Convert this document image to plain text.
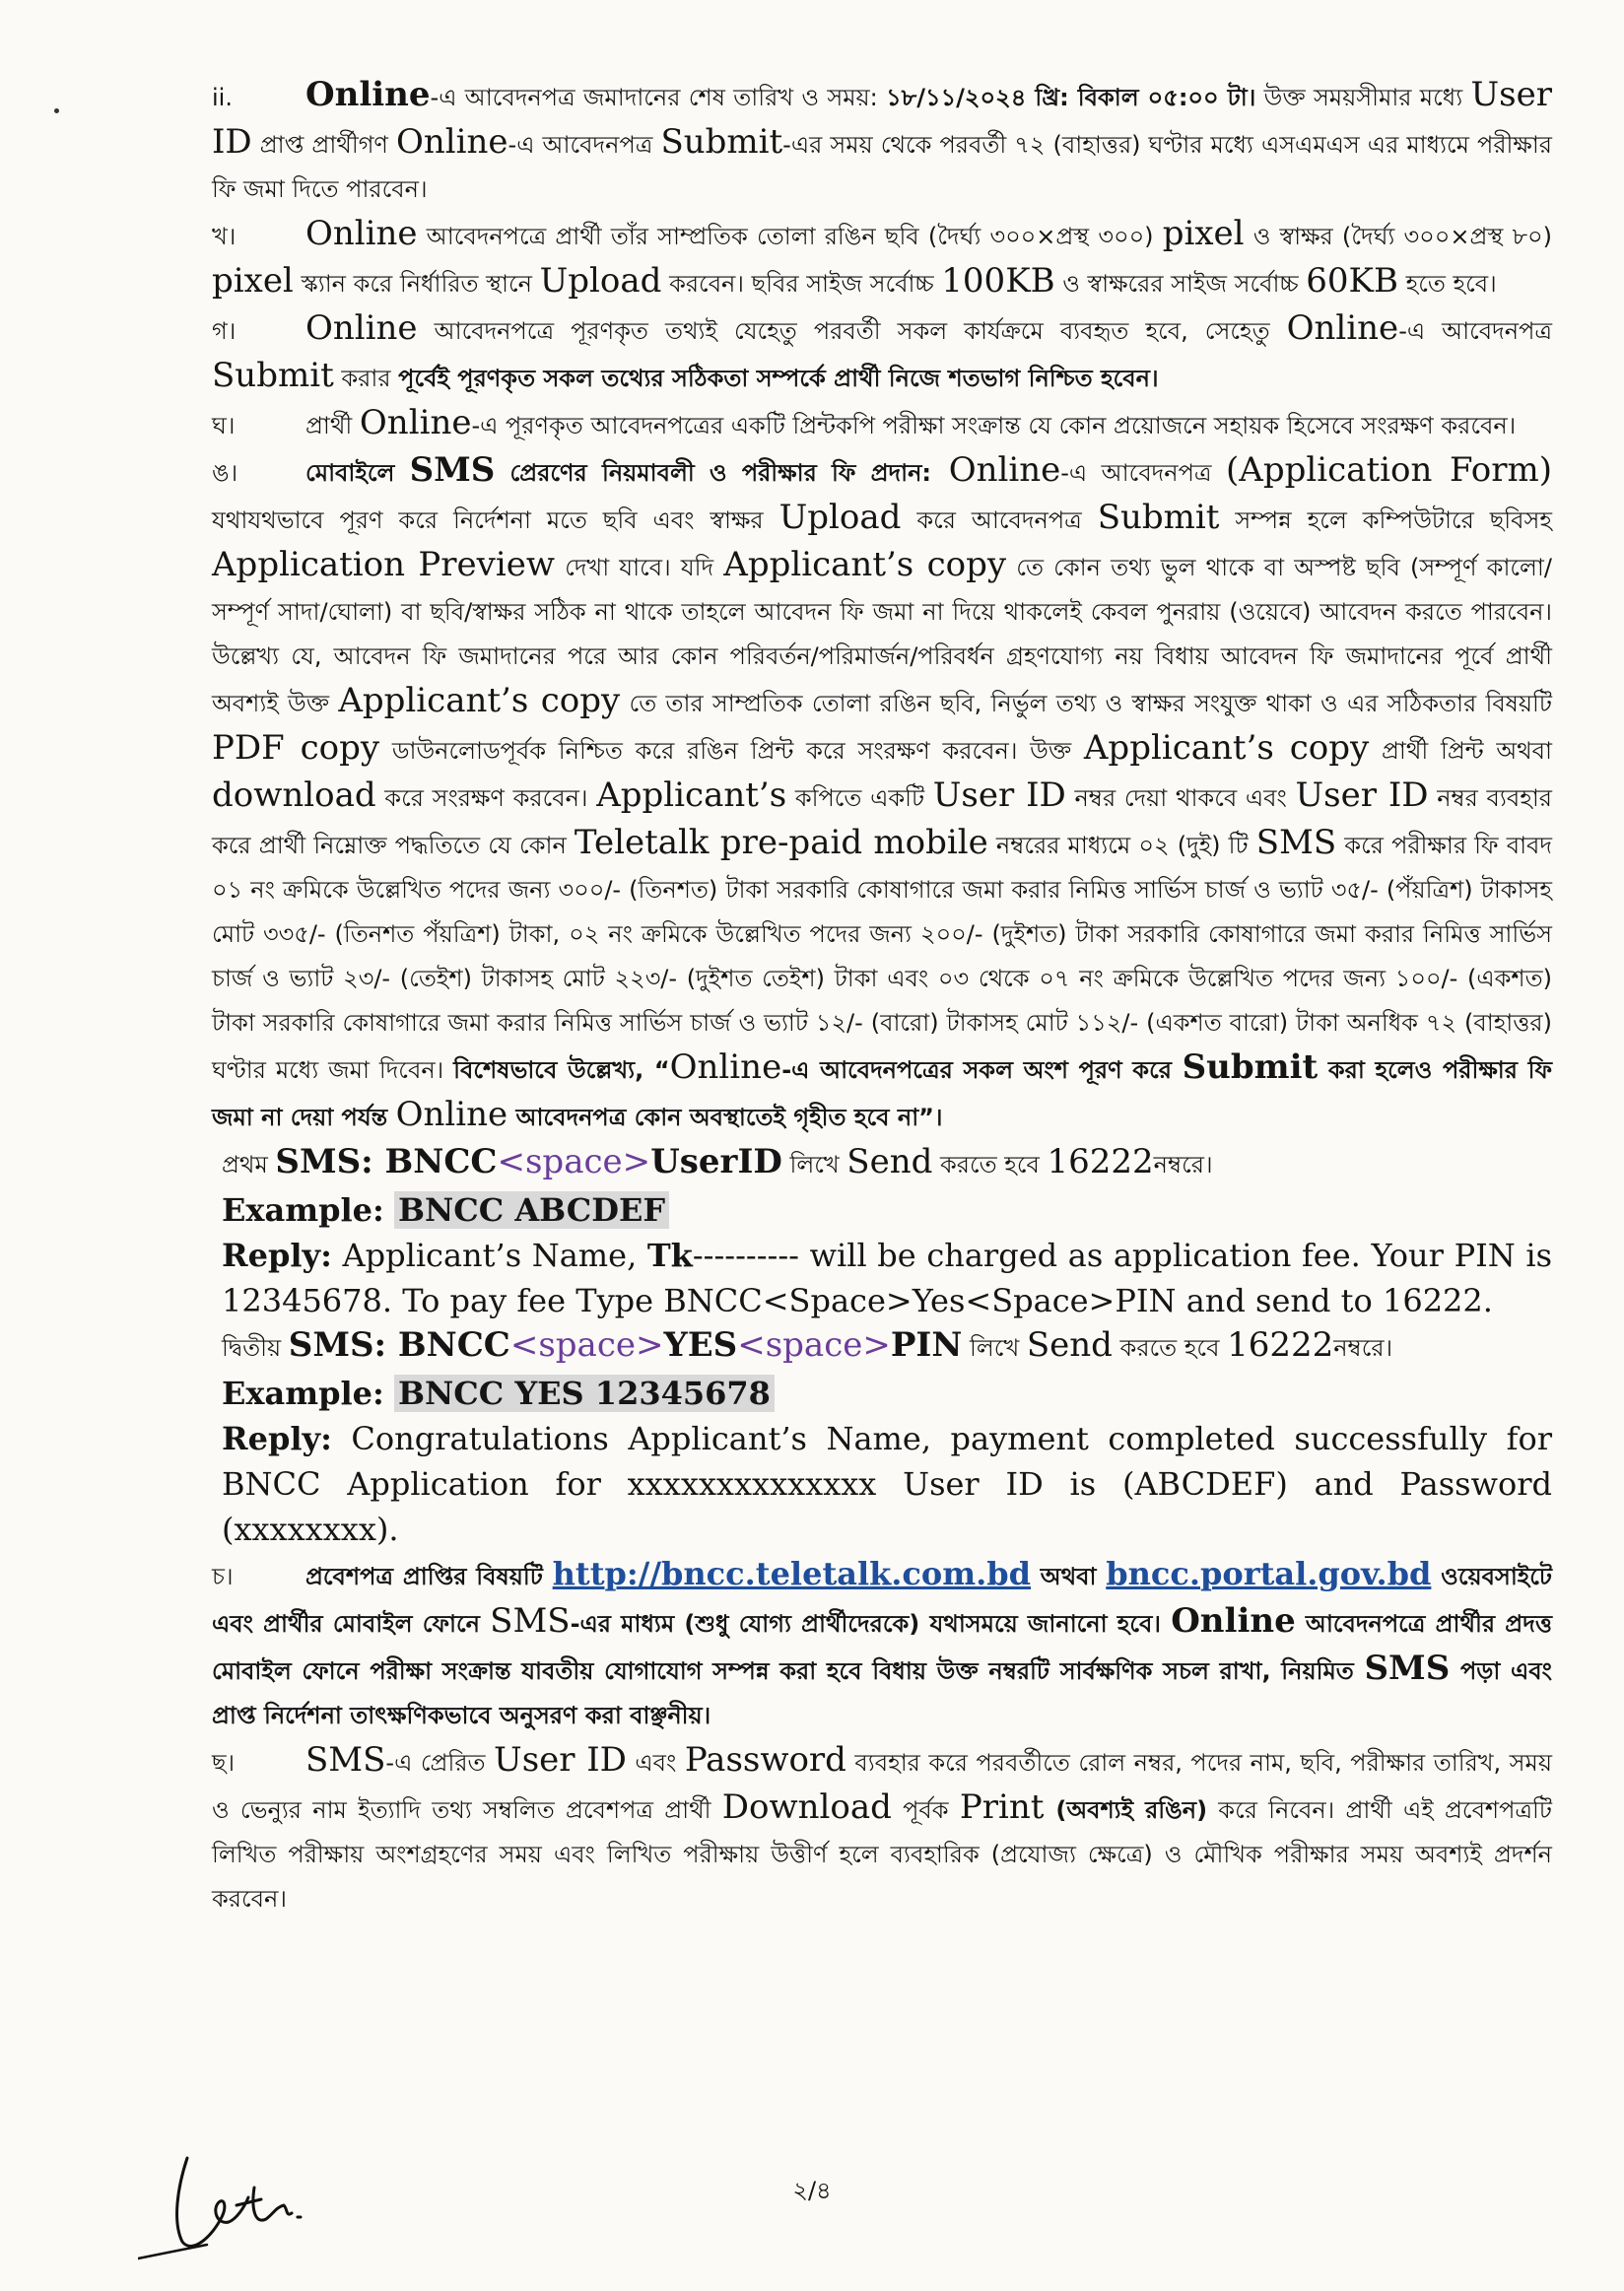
ii. Online-এ আবেদনপত্র জমাদানের শেষ তারিখ ও সময়: ১৮/১১/২০২৪ খ্রি: বিকাল ০৫:০০ টা। উক্ত সময়সীমার মধ্যে User ID প্রাপ্ত প্রার্থীগণ Online-এ আবেদনপত্র Submit-এর সময় থেকে পরবর্তী ৭২ (বাহাত্তর) ঘণ্টার মধ্যে এসএমএস এর মাধ্যমে পরীক্ষার ফি জমা দিতে পারবেন।

খ। Online আবেদনপত্রে প্রার্থী তাঁর সাম্প্রতিক তোলা রঙিন ছবি (দৈর্ঘ্য ৩০০×প্রস্থ ৩০০) pixel ও স্বাক্ষর (দৈর্ঘ্য ৩০০×প্রস্থ ৮০) pixel স্ক্যান করে নির্ধারিত স্থানে Upload করবেন। ছবির সাইজ সর্বোচ্চ 100KB ও স্বাক্ষরের সাইজ সর্বোচ্চ 60KB হতে হবে।

গ। Online আবেদনপত্রে পূরণকৃত তথ্যই যেহেতু পরবর্তী সকল কার্যক্রমে ব্যবহৃত হবে, সেহেতু Online-এ আবেদনপত্র Submit করার পূর্বেই পূরণকৃত সকল তথ্যের সঠিকতা সম্পর্কে প্রার্থী নিজে শতভাগ নিশ্চিত হবেন।

ঘ।	প্রার্থী Online-এ পূরণকৃত আবেদনপত্রের একটি প্রিন্টকপি পরীক্ষা সংক্রান্ত যে কোন প্রয়োজনে সহায়ক হিসেবে সংরক্ষণ করবেন।

ঙ।	মোবাইলে SMS প্রেরণের নিয়মাবলী ও পরীক্ষার ফি প্রদান: Online-এ আবেদনপত্র (Application Form) যথাযথভাবে পূরণ করে নির্দেশনা মতে ছবি এবং স্বাক্ষর Upload করে আবেদনপত্র Submit সম্পন্ন হলে কম্পিউটারে ছবিসহ Application Preview দেখা যাবে। যদি Applicant’s copy তে কোন তথ্য ভুল থাকে বা অস্পষ্ট ছবি (সম্পূর্ণ কালো/সম্পূর্ণ সাদা/ঘোলা) বা ছবি/স্বাক্ষর সঠিক না থাকে তাহলে আবেদন ফি জমা না দিয়ে থাকলেই কেবল পুনরায় (ওয়েবে) আবেদন করতে পারবেন। উল্লেখ্য যে, আবেদন ফি জমাদানের পরে আর কোন পরিবর্তন/পরিমার্জন/পরিবর্ধন গ্রহণযোগ্য নয় বিধায় আবেদন ফি জমাদানের পূর্বে প্রার্থী অবশ্যই উক্ত Applicant’s copy তে তার সাম্প্রতিক তোলা রঙিন ছবি, নির্ভুল তথ্য ও স্বাক্ষর সংযুক্ত থাকা ও এর সঠিকতার বিষয়টি PDF copy ডাউনলোডপূর্বক নিশ্চিত করে রঙিন প্রিন্ট করে সংরক্ষণ করবেন। উক্ত Applicant’s copy প্রার্থী প্রিন্ট অথবা download করে সংরক্ষণ করবেন। Applicant’s কপিতে একটি User ID নম্বর দেয়া থাকবে এবং User ID নম্বর ব্যবহার করে প্রার্থী নিম্নোক্ত পদ্ধতিতে যে কোন Teletalk pre-paid mobile নম্বরের মাধ্যমে ০২ (দুই) টি SMS করে পরীক্ষার ফি বাবদ ০১ নং ক্রমিকে উল্লেখিত পদের জন্য ৩০০/- (তিনশত) টাকা সরকারি কোষাগারে জমা করার নিমিত্ত সার্ভিস চার্জ ও ভ্যাট ৩৫/- (পঁয়ত্রিশ) টাকাসহ মোট ৩৩৫/- (তিনশত পঁয়ত্রিশ) টাকা, ০২ নং ক্রমিকে উল্লেখিত পদের জন্য ২০০/- (দুইশত) টাকা সরকারি কোষাগারে জমা করার নিমিত্ত সার্ভিস চার্জ ও ভ্যাট ২৩/- (তেইশ) টাকাসহ মোট ২২৩/- (দুইশত তেইশ) টাকা এবং ০৩ থেকে ০৭ নং ক্রমিকে উল্লেখিত পদের জন্য ১০০/- (একশত) টাকা সরকারি কোষাগারে জমা করার নিমিত্ত সার্ভিস চার্জ ও ভ্যাট ১২/- (বারো) টাকাসহ মোট ১১২/- (একশত বারো) টাকা অনধিক ৭২ (বাহাত্তর) ঘণ্টার মধ্যে জমা দিবেন। বিশেষভাবে উল্লেখ্য, “Online-এ আবেদনপত্রের সকল অংশ পূরণ করে Submit করা হলেও পরীক্ষার ফি জমা না দেয়া পর্যন্ত Online আবেদনপত্র কোন অবস্থাতেই গৃহীত হবে না”।

প্রথম SMS: BNCC<space>UserID লিখে Send করতে হবে 16222নম্বরে।

Example: BNCC ABCDEF

Reply: Applicant’s Name, Tk---------- will be charged as application fee. Your PIN is 12345678. To pay fee Type BNCC<Space>Yes<Space>PIN and send to 16222.

দ্বিতীয় SMS: BNCC<space>YES<space>PIN লিখে Send করতে হবে 16222নম্বরে।

Example: BNCC YES 12345678

Reply: Congratulations Applicant’s Name, payment completed successfully for BNCC Application for xxxxxxxxxxxxxx User ID is (ABCDEF) and Password (xxxxxxxx).

চ।	প্রবেশপত্র প্রাপ্তির বিষয়টি http://bncc.teletalk.com.bd অথবা bncc.portal.gov.bd ওয়েবসাইটে এবং প্রার্থীর মোবাইল ফোনে SMS-এর মাধ্যম (শুধু যোগ্য প্রার্থীদেরকে) যথাসময়ে জানানো হবে। Online আবেদনপত্রে প্রার্থীর প্রদত্ত মোবাইল ফোনে পরীক্ষা সংক্রান্ত যাবতীয় যোগাযোগ সম্পন্ন করা হবে বিধায় উক্ত নম্বরটি সার্বক্ষণিক সচল রাখা, নিয়মিত SMS পড়া এবং প্রাপ্ত নির্দেশনা তাৎক্ষণিকভাবে অনুসরণ করা বাঞ্ছনীয়।

ছ। SMS-এ প্রেরিত User ID এবং Password ব্যবহার করে পরবর্তীতে রোল নম্বর, পদের নাম, ছবি, পরীক্ষার তারিখ, সময় ও ভেন্যুর নাম ইত্যাদি তথ্য সম্বলিত প্রবেশপত্র প্রার্থী Download পূর্বক Print (অবশ্যই রঙিন) করে নিবেন। প্রার্থী এই প্রবেশপত্রটি লিখিত পরীক্ষায় অংশগ্রহণের সময় এবং লিখিত পরীক্ষায় উত্তীর্ণ হলে ব্যবহারিক (প্রযোজ্য ক্ষেত্রে) ও মৌখিক পরীক্ষার সময় অবশ্যই প্রদর্শন করবেন।

২/৪
